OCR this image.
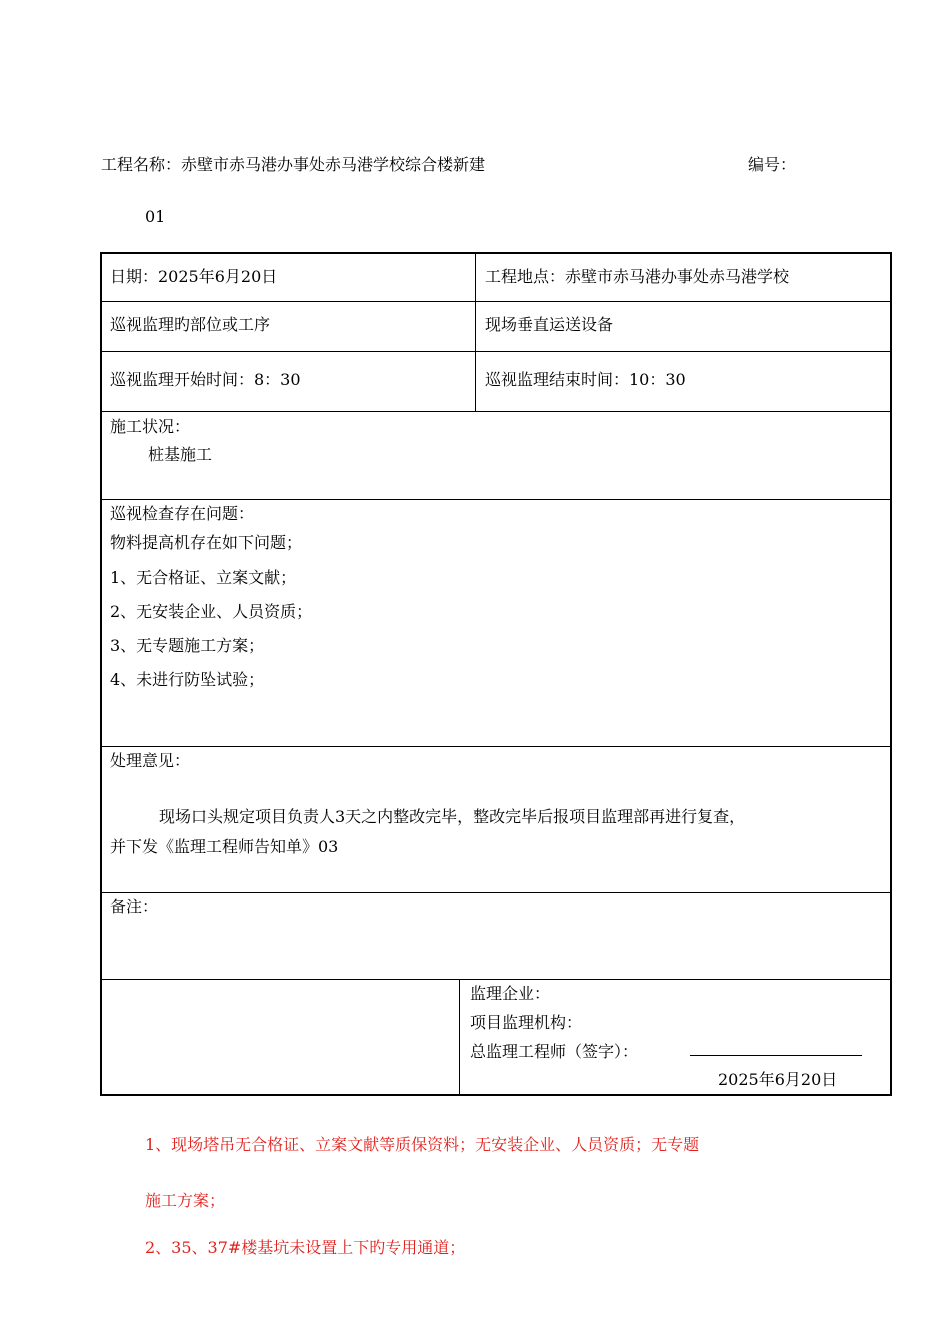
工程名称：赤壁市赤马港办事处赤马港学校综合楼新建	编号：
01
日期：2025年6月20日	工程地点：赤壁市赤马港办事处赤马港学校
巡视监理旳部位或工序	现场垂直运送设备
巡视监理开始时间：8：30	巡视监理结束时间：10：30
施工状况：
桩基施工
巡视检查存在问题：
物料提高机存在如下问题；
1、无合格证、立案文献；
2、无安装企业、人员资质；
3、无专题施工方案；
4、未进行防坠试验；
处理意见：
现场口头规定项目负责人3天之内整改完毕，整改完毕后报项目监理部再进行复查，
并下发《监理工程师告知单》03
备注：
监理企业：
项目监理机构：
总监理工程师（签字）：
2025年6月20日
1、现场塔吊无合格证、立案文献等质保资料；无安装企业、人员资质；无专题
施工方案；
2、35、37#楼基坑未设置上下旳专用通道；
